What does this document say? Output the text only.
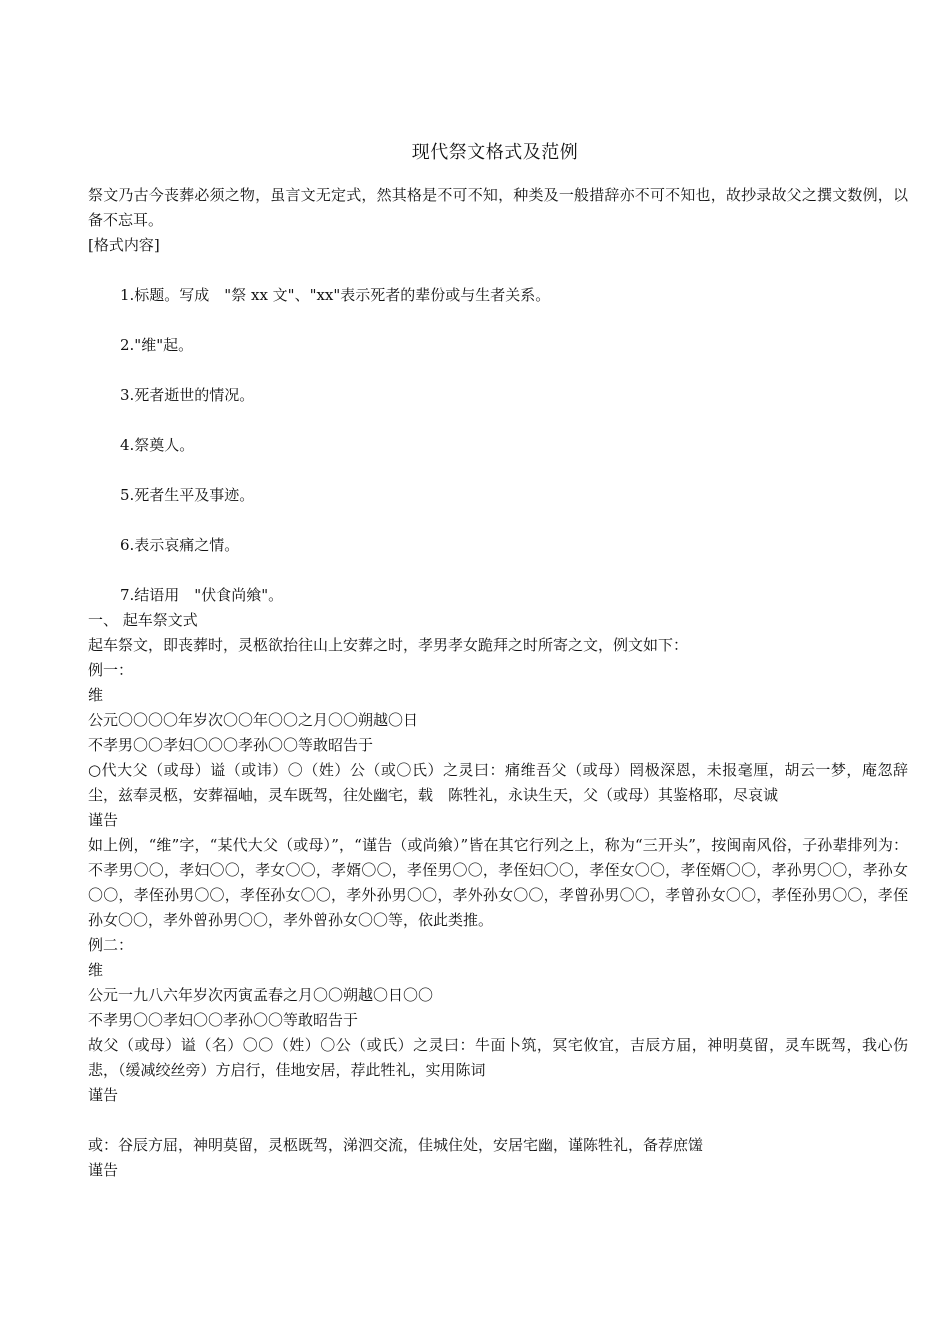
现代祭文格式及范例

祭文乃古今丧葬必须之物，虽言文无定式，然其格是不可不知，种类及一般措辞亦不可不知也，故抄录故父之撰文数例，以备不忘耳。

[格式内容]

1.标题。写成　"祭 xx 文"、"xx"表示死者的辈份或与生者关系。

2."维"起。

3.死者逝世的情况。

4.祭奠人。

5.死者生平及事迹。

6.表示哀痛之情。

7.结语用　"伏食尚飨"。

一、 起车祭文式

起车祭文，即丧葬时，灵柩欲抬往山上安葬之时，孝男孝女跪拜之时所寄之文，例文如下：

例一：

维

公元〇〇〇〇年岁次〇〇年〇〇之月〇〇朔越〇日

不孝男〇〇孝妇〇〇〇孝孙〇〇等敢昭告于

○代大父（或母）谥（或讳）〇（姓）公（或〇氏）之灵曰：痛维吾父（或母）罔极深恩，未报毫厘，胡云一梦，庵忽辞尘，兹奉灵柩，安葬福岫，灵车既驾，往处幽宅，载　陈牲礼，永诀生天，父（或母）其鉴格耶，尽哀诚

谨告

如上例，“维”字，“某代大父（或母）”，“谨告（或尚飨）”皆在其它行列之上，称为“三开头”，按闽南风俗，子孙辈排列为：不孝男〇〇，孝妇〇〇，孝女〇〇，孝婿〇〇，孝侄男〇〇，孝侄妇〇〇，孝侄女〇〇，孝侄婿〇〇，孝孙男〇〇，孝孙女〇〇，孝侄孙男〇〇，孝侄孙女〇〇，孝外孙男〇〇，孝外孙女〇〇，孝曾孙男〇〇，孝曾孙女〇〇，孝侄孙男〇〇，孝侄孙女〇〇，孝外曾孙男〇〇，孝外曾孙女〇〇等，依此类推。

例二：

维

公元一九八六年岁次丙寅孟春之月〇〇朔越〇日〇〇

不孝男〇〇孝妇〇〇孝孙〇〇等敢昭告于

故父（或母）谥（名）〇〇（姓）〇公（或氏）之灵曰：牛面卜筑，冥宅攸宜，吉辰方届，神明莫留，灵车既驾，我心伤悲，（缓减绞丝旁）方启行，佳地安居，荐此牲礼，实用陈词

谨告

或：谷辰方屈，神明莫留，灵柩既驾，涕泗交流，佳城住处，安居宅幽，谨陈牲礼，备荐庶馐

谨告
